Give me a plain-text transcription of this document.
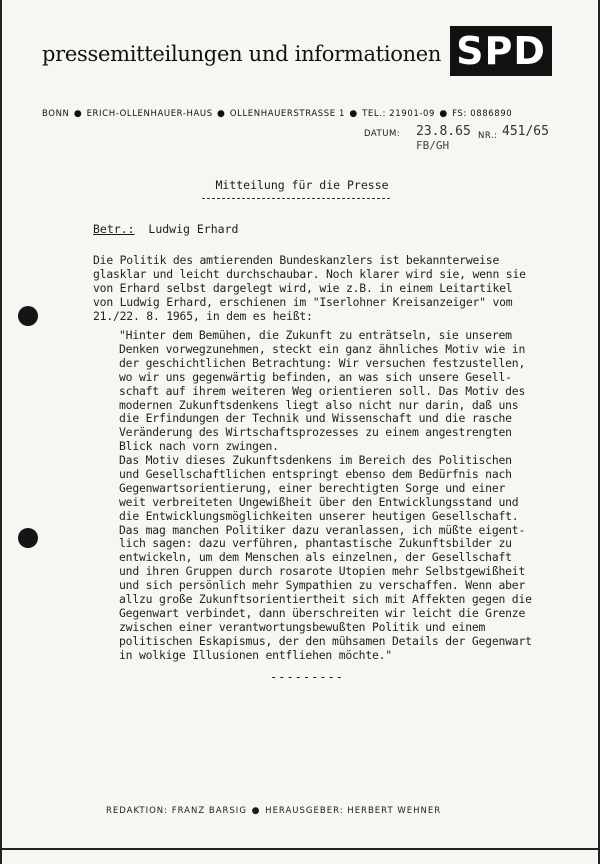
pressemitteilungen und informationen SPD
BONN ● ERICH-OLLENHAUER-HAUS ● OLLENHAUERSTRASSE 1 ● TEL.: 21901-09 ● FS: 0886890
DATUM: 23.8.65 NR.: 451/65
FB/GH
Mitteilung für die Presse
Betr.: Ludwig Erhard

Die Politik des amtierenden Bundeskanzlers ist bekannterweise
glasklar und leicht durchschaubar. Noch klarer wird sie, wenn sie
von Erhard selbst dargelegt wird, wie z.B. in einem Leitartikel
von Ludwig Erhard, erschienen im "Iserlohner Kreisanzeiger" vom
21./22. 8. 1965, in dem es heißt:

"Hinter dem Bemühen, die Zukunft zu enträtseln, sie unserem
Denken vorwegzunehmen, steckt ein ganz ähnliches Motiv wie in
der geschichtlichen Betrachtung: Wir versuchen festzustellen,
wo wir uns gegenwärtig befinden, an was sich unsere Gesell-
schaft auf ihrem weiteren Weg orientieren soll. Das Motiv des
modernen Zukunftsdenkens liegt also nicht nur darin, daß uns
die Erfindungen der Technik und Wissenschaft und die rasche
Veränderung des Wirtschaftsprozesses zu einem angestrengten
Blick nach vorn zwingen.

Das Motiv dieses Zukunftsdenkens im Bereich des Politischen
und Gesellschaftlichen entspringt ebenso dem Bedürfnis nach
Gegenwartsorientierung, einer berechtigten Sorge und einer
weit verbreiteten Ungewißheit über den Entwicklungsstand und
die Entwicklungsmöglichkeiten unserer heutigen Gesellschaft.
Das mag manchen Politiker dazu veranlassen, ich müßte eigent-
lich sagen: dazu verführen, phantastische Zukunftsbilder zu
entwickeln, um dem Menschen als einzelnen, der Gesellschaft
und ihren Gruppen durch rosarote Utopien mehr Selbstgewißheit
und sich persönlich mehr Sympathien zu verschaffen. Wenn aber
allzu große Zukunftsorientiertheit sich mit Affekten gegen die
Gegenwart verbindet, dann überschreiten wir leicht die Grenze
zwischen einer verantwortungsbewußten Politik und einem
politischen Eskapismus, der den mühsamen Details der Gegenwart
in wolkige Illusionen entfliehen möchte."

---------
REDAKTION: FRANZ BARSIG ● HERAUSGEBER: HERBERT WEHNER
